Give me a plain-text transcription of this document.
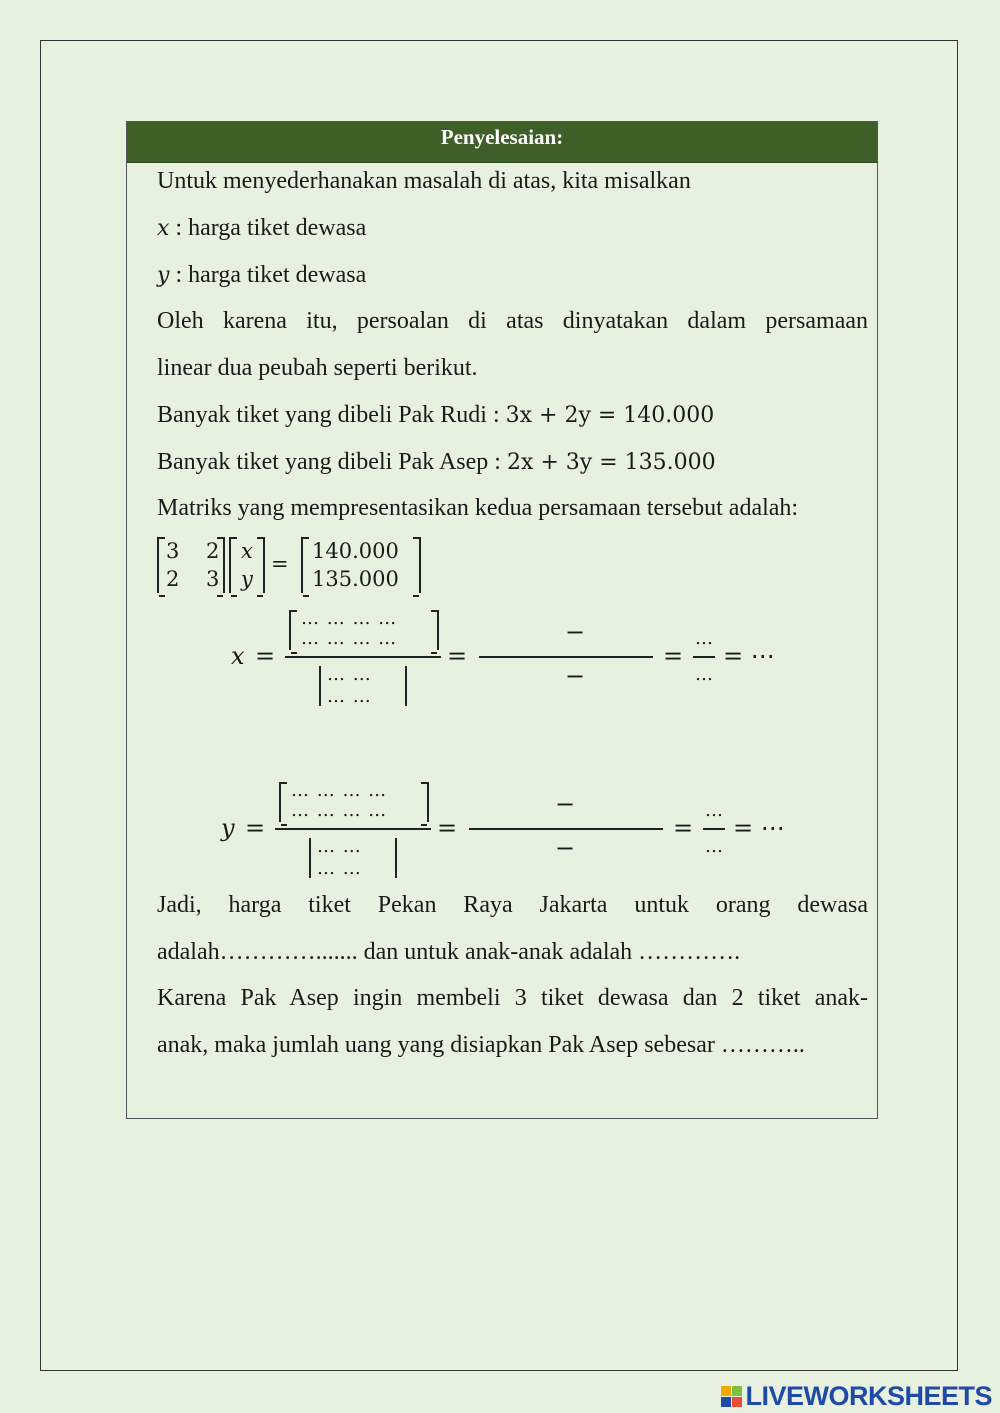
Penyelesaian:
Untuk menyederhanakan masalah di atas, kita misalkan
x : harga tiket dewasa
y : harga tiket dewasa
Oleh karena itu, persoalan di atas dinyatakan dalam persamaan
linear dua peubah seperti berikut.
Banyak tiket yang dibeli Pak Rudi : 3x + 2y = 140.000
Banyak tiket yang dibeli Pak Asep : 2x + 3y = 135.000
Matriks yang mempresentasikan kedua persamaan tersebut adalah:
3 2
2 3
x
y
=
140.000
135.000
x =
… … … …
… … … …
… …
… …
=
−
−
=
…
…
= ⋯
y =
… … … …
… … … …
… …
… …
=
−
−
=
…
…
= ⋯
Jadi, harga tiket Pekan Raya Jakarta untuk orang dewasa
adalah…………....... dan untuk anak-anak adalah ………….
Karena Pak Asep ingin membeli 3 tiket dewasa dan 2 tiket anak-
anak, maka jumlah uang yang disiapkan Pak Asep sebesar ………..
LIVEWORKSHEETS
